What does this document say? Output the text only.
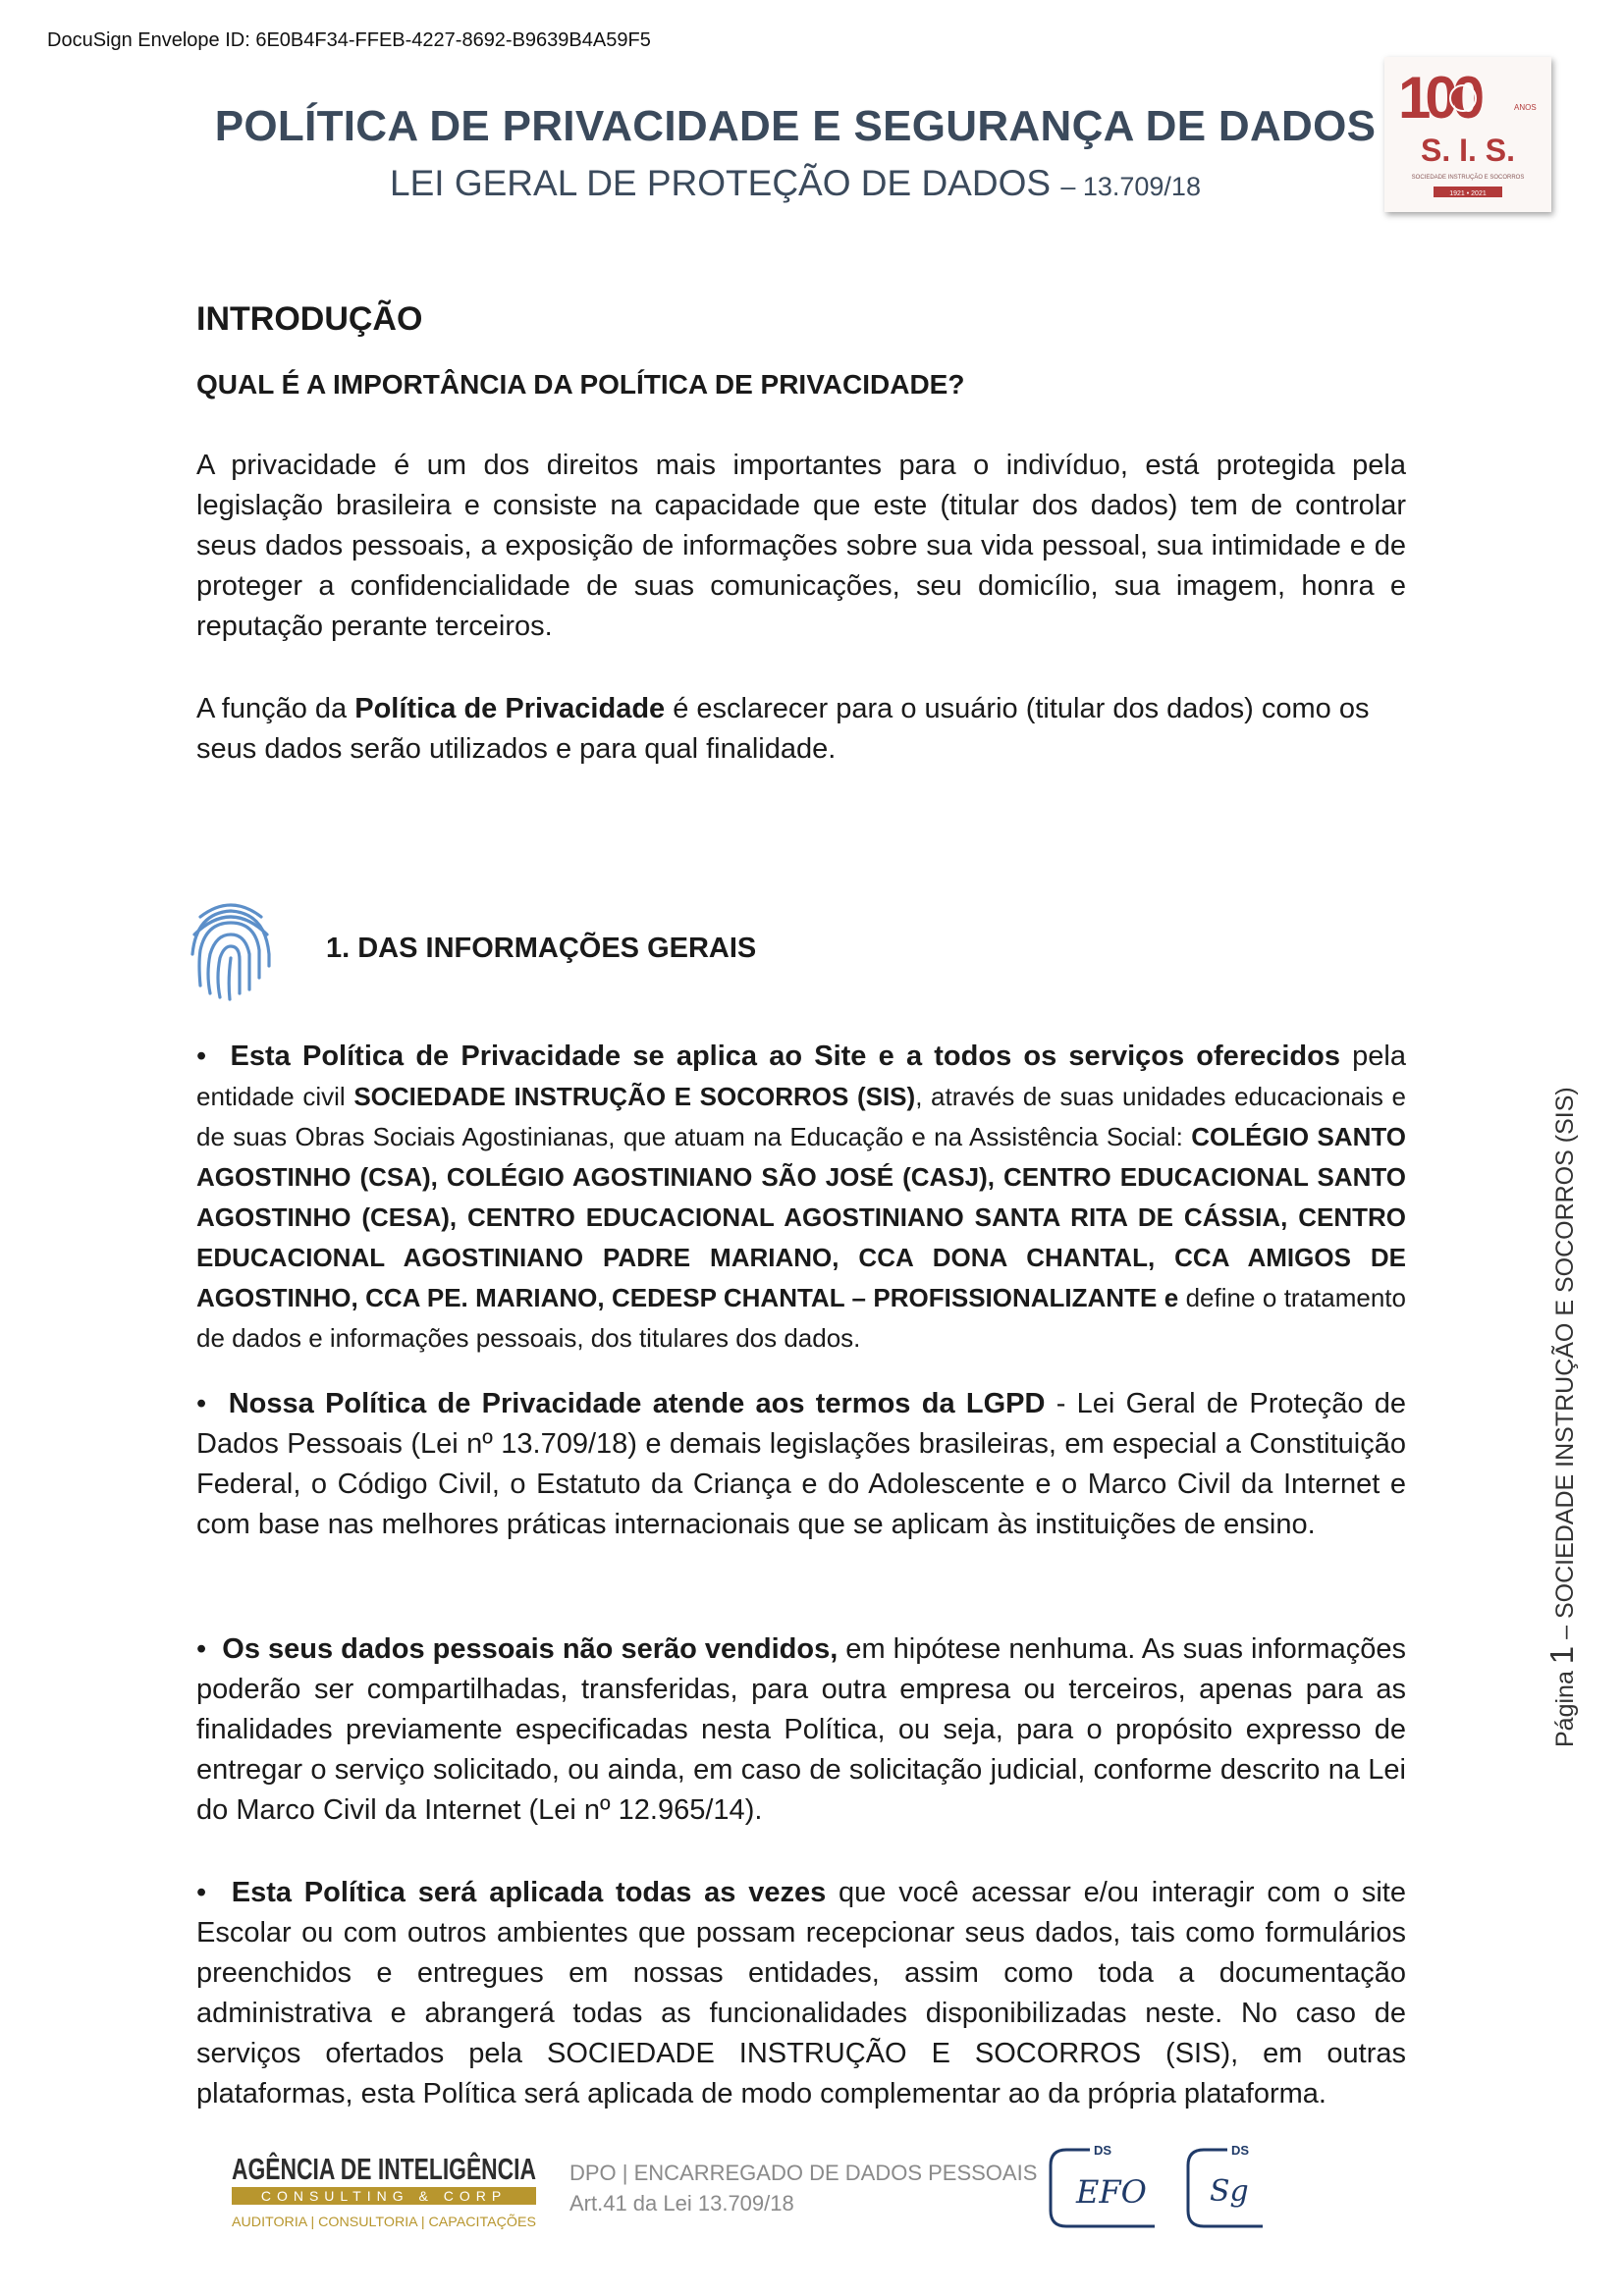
DocuSign Envelope ID: 6E0B4F34-FFEB-4227-8692-B9639B4A59F5
POLÍTICA DE PRIVACIDADE E SEGURANÇA DE DADOS
LEI GERAL DE PROTEÇÃO DE DADOS – 13.709/18
100	ANOS
S. I. S.
SOCIEDADE INSTRUÇÃO E SOCORROS
1921 • 2021
INTRODUÇÃO
QUAL É A IMPORTÂNCIA DA POLÍTICA DE PRIVACIDADE?
A privacidade é um dos direitos mais importantes para o indivíduo, está protegida pela legislação brasileira e consiste na capacidade que este (titular dos dados) tem de controlar seus dados pessoais, a exposição de informações sobre sua vida pessoal, sua intimidade e de proteger a confidencialidade de suas comunicações, seu domicílio, sua imagem, honra e reputação perante terceiros.
A função da Política de Privacidade é esclarecer para o usuário (titular dos dados) como os seus dados serão utilizados e para qual finalidade.
1. DAS INFORMAÇÕES GERAIS
• Esta Política de Privacidade se aplica ao Site e a todos os serviços oferecidos pela entidade civil SOCIEDADE INSTRUÇÃO E SOCORROS (SIS), através de suas unidades educacionais e de suas Obras Sociais Agostinianas, que atuam na Educação e na Assistência Social: COLÉGIO SANTO AGOSTINHO (CSA), COLÉGIO AGOSTINIANO SÃO JOSÉ (CASJ), CENTRO EDUCACIONAL SANTO AGOSTINHO (CESA), CENTRO EDUCACIONAL AGOSTINIANO SANTA RITA DE CÁSSIA, CENTRO EDUCACIONAL AGOSTINIANO PADRE MARIANO, CCA DONA CHANTAL, CCA AMIGOS DE AGOSTINHO, CCA PE. MARIANO, CEDESP CHANTAL – PROFISSIONALIZANTE e define o tratamento de dados e informações pessoais, dos titulares dos dados.
• Nossa Política de Privacidade atende aos termos da LGPD - Lei Geral de Proteção de Dados Pessoais (Lei nº 13.709/18) e demais legislações brasileiras, em especial a Constituição Federal, o Código Civil, o Estatuto da Criança e do Adolescente e o Marco Civil da Internet e com base nas melhores práticas internacionais que se aplicam às instituições de ensino.
• Os seus dados pessoais não serão vendidos, em hipótese nenhuma. As suas informações poderão ser compartilhadas, transferidas, para outra empresa ou terceiros, apenas para as finalidades previamente especificadas nesta Política, ou seja, para o propósito expresso de entregar o serviço solicitado, ou ainda, em caso de solicitação judicial, conforme descrito na Lei do Marco Civil da Internet (Lei nº 12.965/14).
• Esta Política será aplicada todas as vezes que você acessar e/ou interagir com o site Escolar ou com outros ambientes que possam recepcionar seus dados, tais como formulários preenchidos e entregues em nossas entidades, assim como toda a documentação administrativa e abrangerá todas as funcionalidades disponibilizadas neste. No caso de serviços ofertados pela SOCIEDADE INSTRUÇÃO E SOCORROS (SIS), em outras plataformas, esta Política será aplicada de modo complementar ao da própria plataforma.
Página 1 – SOCIEDADE INSTRUÇÃO E SOCORROS (SIS)
AGÊNCIA DE INTELIGÊNCIA
CONSULTING & CORP
AUDITORIA | CONSULTORIA | CAPACITAÇÕES
DPO | ENCARREGADO DE DADOS PESSOAIS
Art.41 da Lei 13.709/18
DS
EFO
DS
Sg
